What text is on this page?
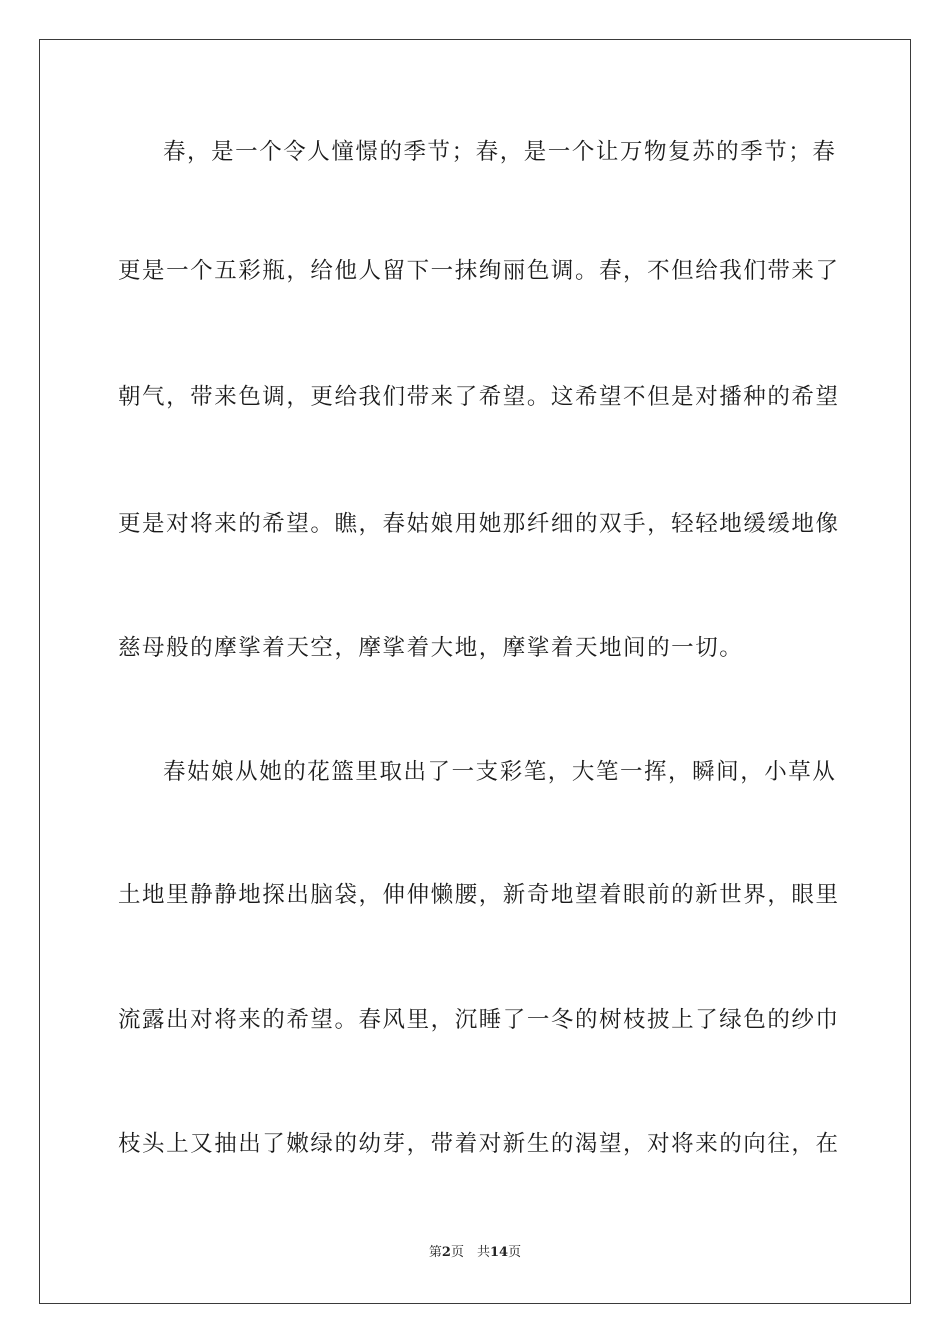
春，是一个令人憧憬的季节；春，是一个让万物复苏的季节；春
更是一个五彩瓶，给他人留下一抹绚丽色调。春，不但给我们带来了
朝气，带来色调，更给我们带来了希望。这希望不但是对播种的希望
更是对将来的希望。瞧，春姑娘用她那纤细的双手，轻轻地缓缓地像
慈母般的摩挲着天空，摩挲着大地，摩挲着天地间的一切。
春姑娘从她的花篮里取出了一支彩笔，大笔一挥，瞬间，小草从
土地里静静地探出脑袋，伸伸懒腰，新奇地望着眼前的新世界，眼里
流露出对将来的希望。春风里，沉睡了一冬的树枝披上了绿色的纱巾
枝头上又抽出了嫩绿的幼芽，带着对新生的渴望，对将来的向往，在
第2页　共14页
